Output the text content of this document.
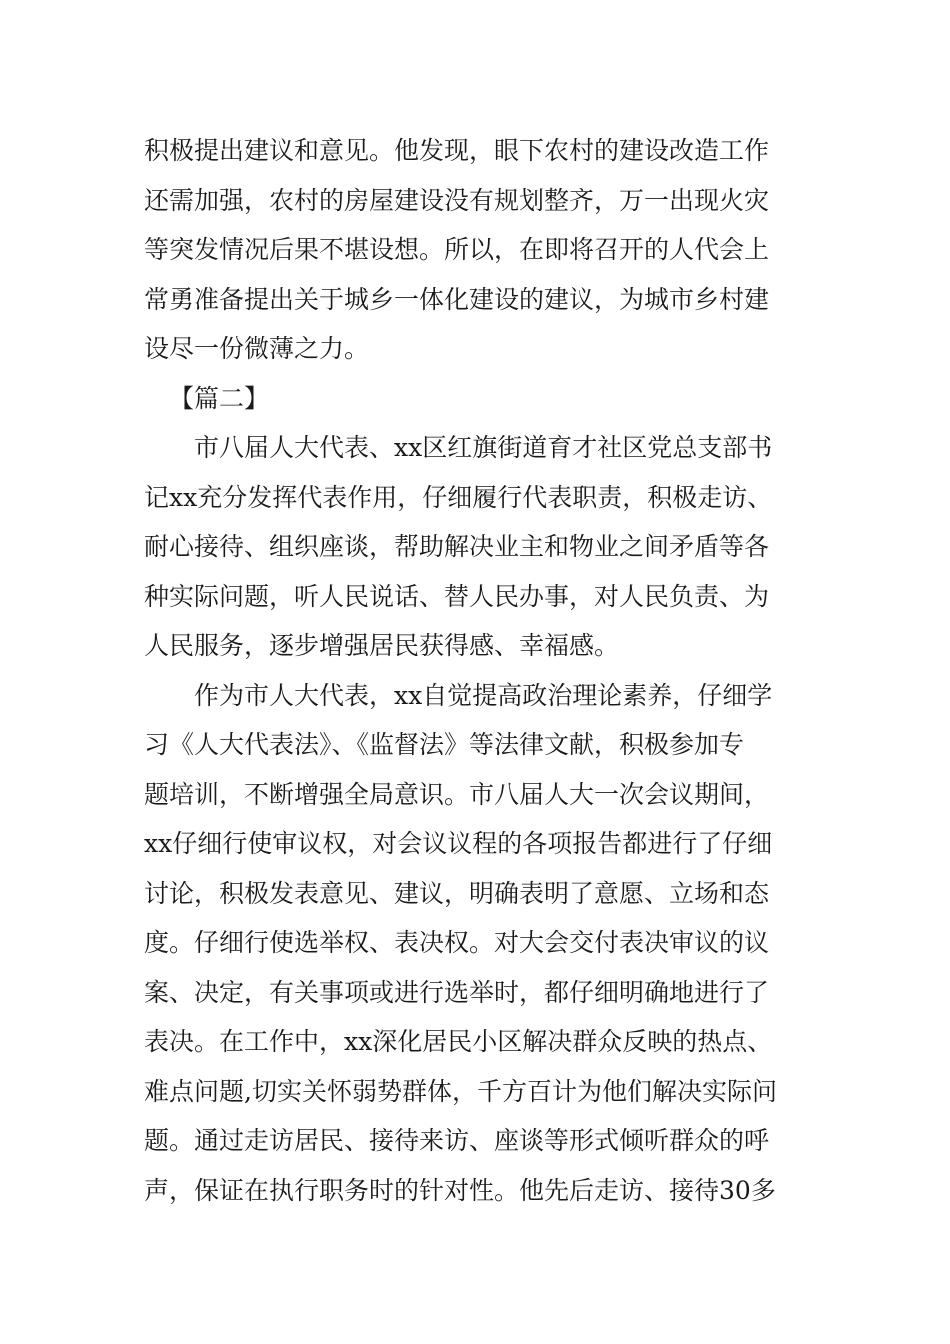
积极提出建议和意见。他发现，眼下农村的建设改造工作
还需加强，农村的房屋建设没有规划整齐，万一出现火灾
等突发情况后果不堪设想。所以，在即将召开的人代会上
常勇准备提出关于城乡一体化建设的建议，为城市乡村建
设尽一份微薄之力。
【篇二】
市八届人大代表、xx区红旗街道育才社区党总支部书
记xx充分发挥代表作用，仔细履行代表职责，积极走访、
耐心接待、组织座谈，帮助解决业主和物业之间矛盾等各
种实际问题，听人民说话、替人民办事，对人民负责、为
人民服务，逐步增强居民获得感、幸福感。
作为市人大代表，xx自觉提高政治理论素养，仔细学
习《人大代表法》、《监督法》等法律文献，积极参加专
题培训，不断增强全局意识。市八届人大一次会议期间，
xx仔细行使审议权，对会议议程的各项报告都进行了仔细
讨论，积极发表意见、建议，明确表明了意愿、立场和态
度。仔细行使选举权、表决权。对大会交付表决审议的议
案、决定，有关事项或进行选举时，都仔细明确地进行了
表决。在工作中，xx深化居民小区解决群众反映的热点、
难点问题,切实关怀弱势群体，千方百计为他们解决实际问
题。通过走访居民、接待来访、座谈等形式倾听群众的呼
声，保证在执行职务时的针对性。他先后走访、接待30多
